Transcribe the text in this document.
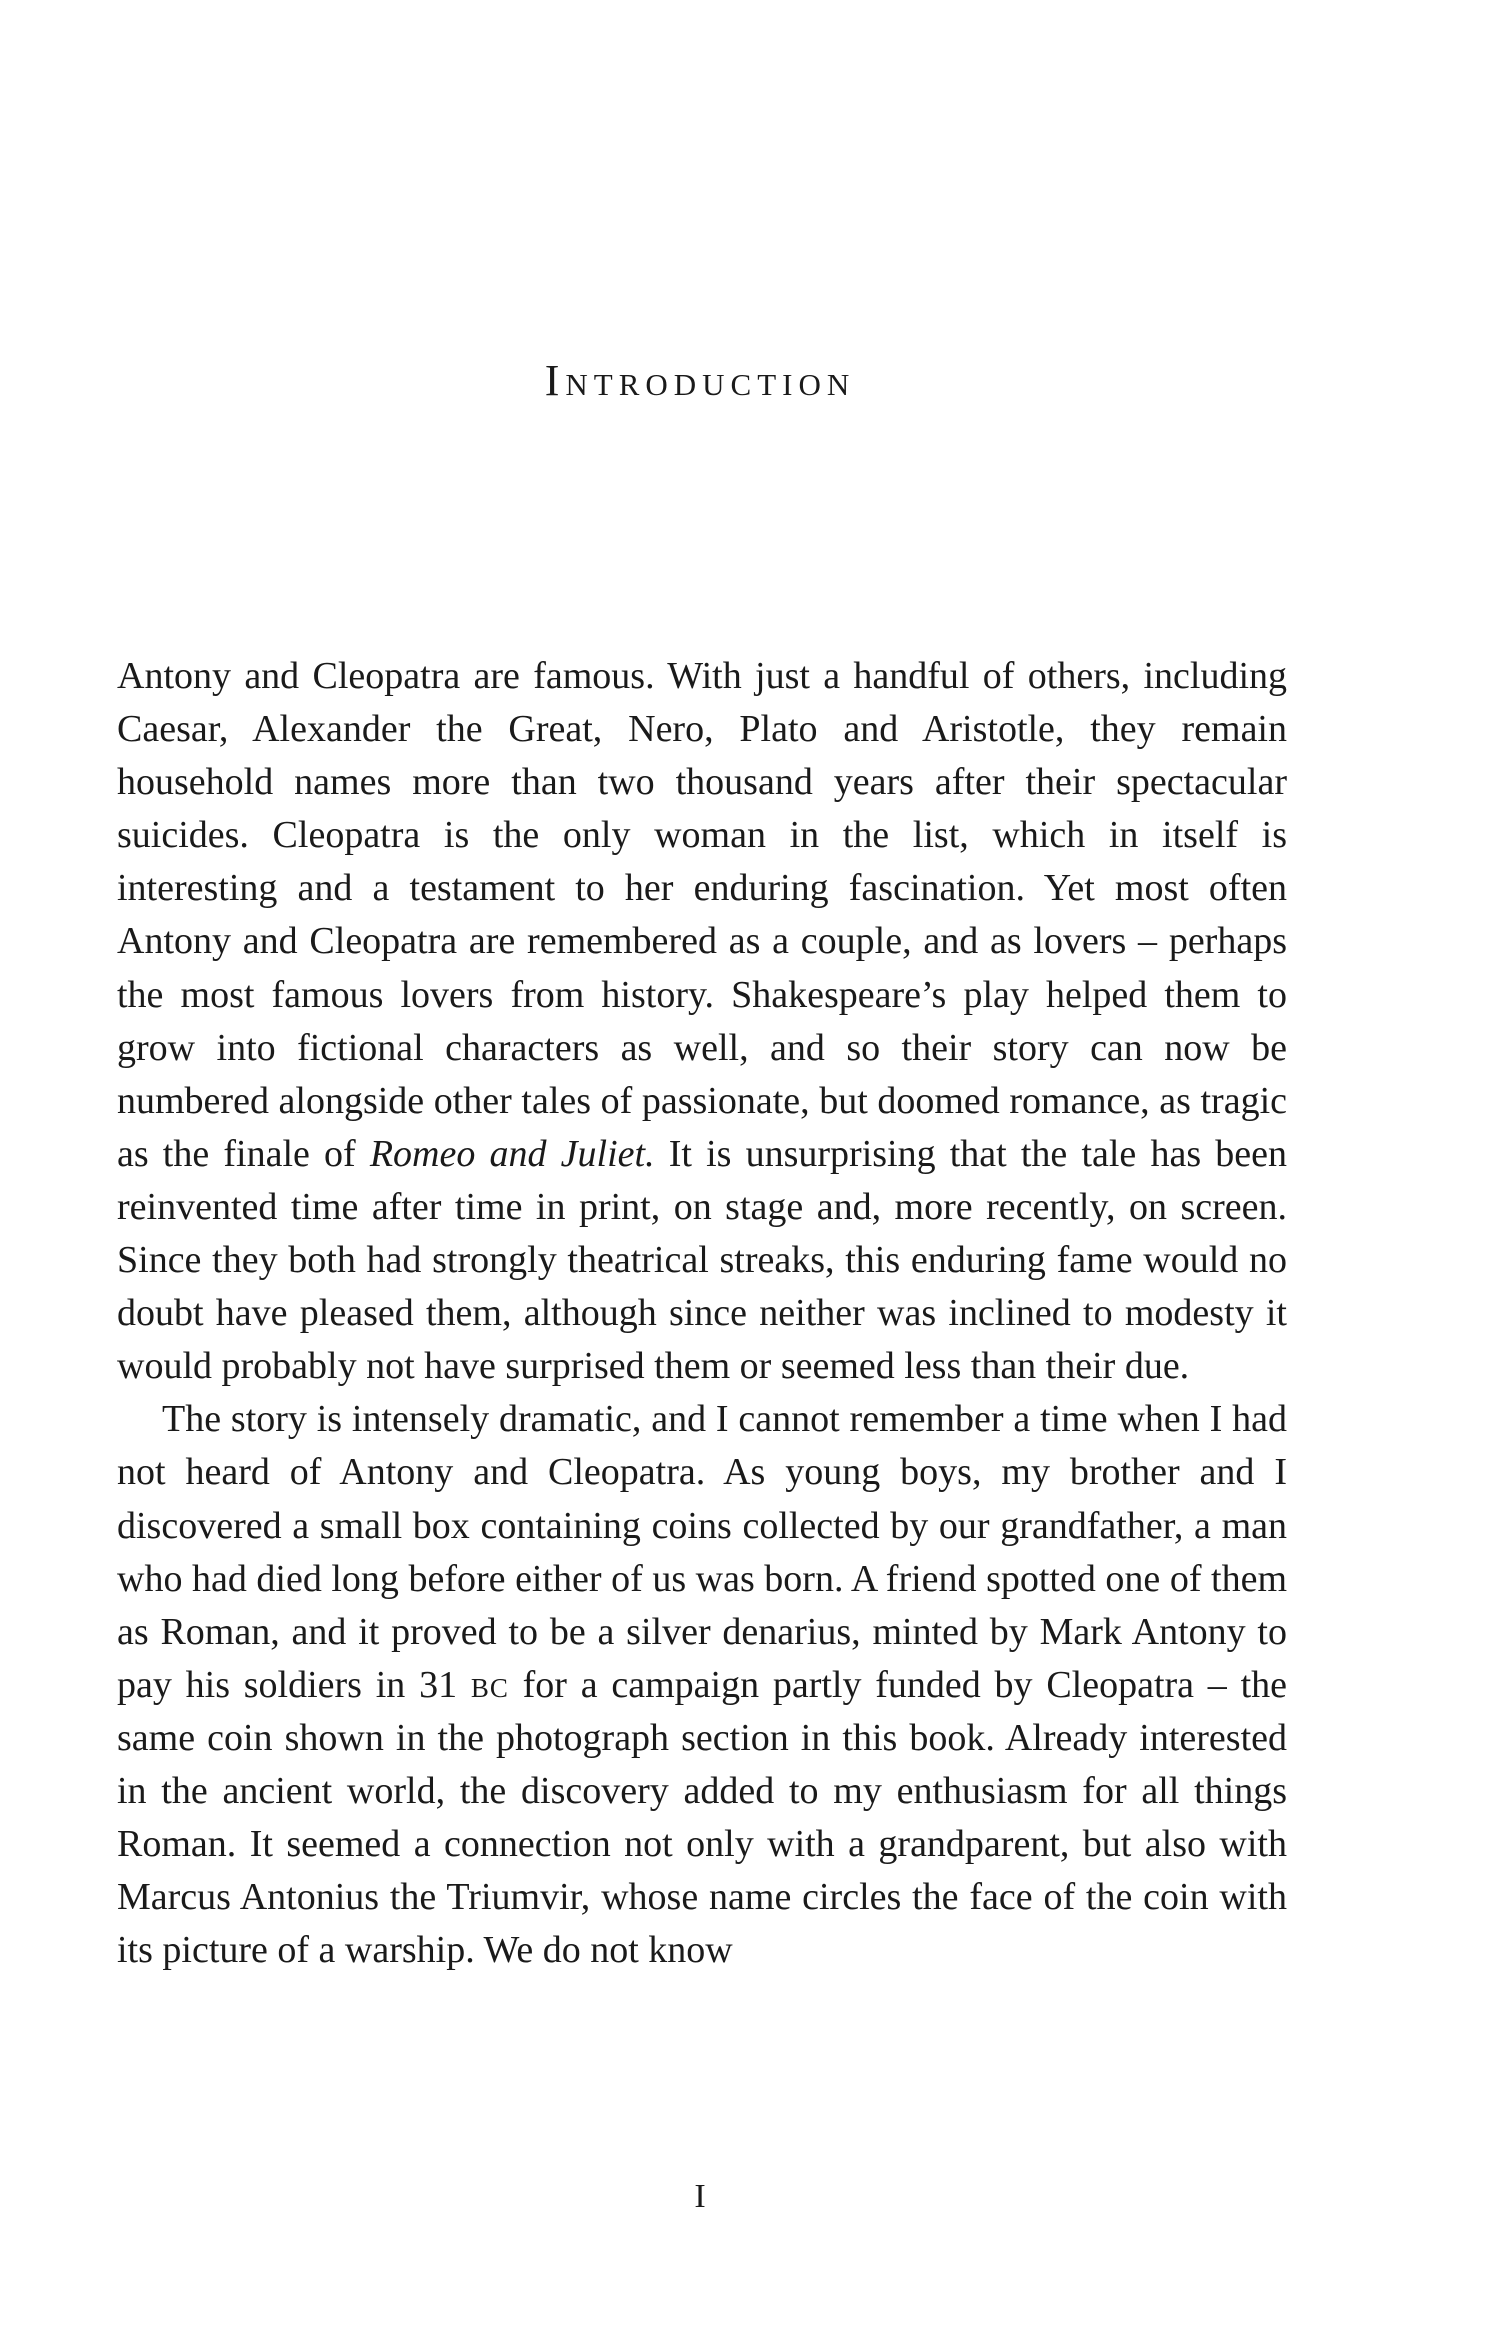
Introduction

Antony and Cleopatra are famous. With just a handful of others, including Caesar, Alexander the Great, Nero, Plato and Aristotle, they remain household names more than two thousand years after their spectacular suicides. Cleopatra is the only woman in the list, which in itself is interesting and a testament to her enduring fascination. Yet most often Antony and Cleopatra are remembered as a couple, and as lovers – perhaps the most famous lovers from history. Shakespeare’s play helped them to grow into fictional characters as well, and so their story can now be numbered alongside other tales of passionate, but doomed romance, as tragic as the finale of Romeo and Juliet. It is unsurprising that the tale has been reinvented time after time in print, on stage and, more recently, on screen. Since they both had strongly theatrical streaks, this enduring fame would no doubt have pleased them, although since neither was inclined to modesty it would probably not have surprised them or seemed less than their due.

The story is intensely dramatic, and I cannot remember a time when I had not heard of Antony and Cleopatra. As young boys, my brother and I discovered a small box containing coins collected by our grandfather, a man who had died long before either of us was born. A friend spotted one of them as Roman, and it proved to be a silver denarius, minted by Mark Antony to pay his soldiers in 31 bc for a campaign partly funded by Cleopatra – the same coin shown in the photograph section in this book. Already interested in the ancient world, the discovery added to my enthusiasm for all things Roman. It seemed a connection not only with a grandparent, but also with Marcus Antonius the Triumvir, whose name circles the face of the coin with its picture of a warship. We do not know

I
